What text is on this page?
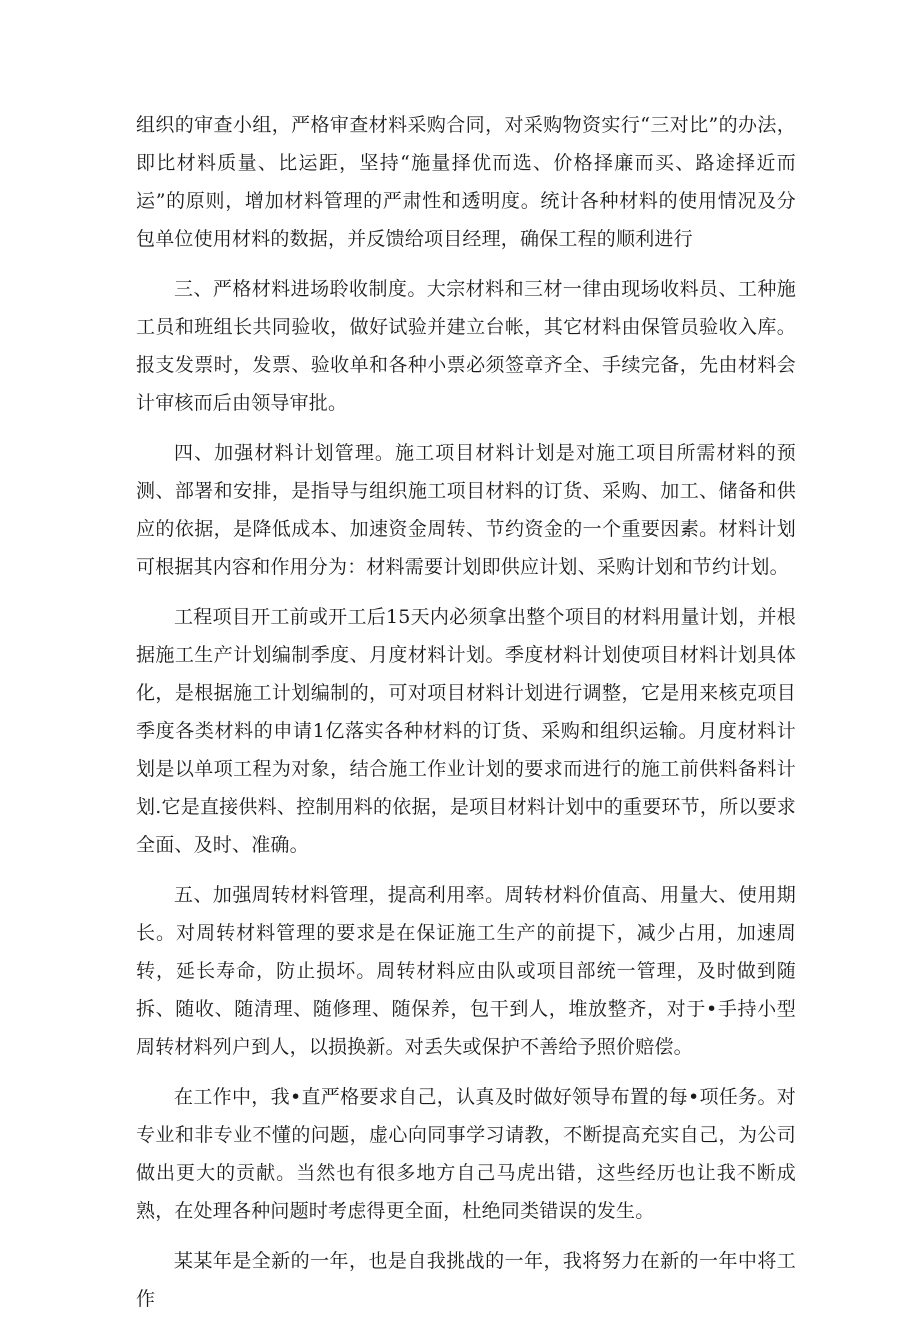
组织的审查小组，严格审查材料采购合同，对采购物资实行“三对比”的办法，即比材料质量、比运距，坚持“施量择优而选、价格择廉而买、路途择近而运”的原则，增加材料管理的严肃性和透明度。统计各种材料的使用情况及分包单位使用材料的数据，并反馈给项目经理，确保工程的顺利进行

三、严格材料进场聆收制度。大宗材料和三材一律由现场收料员、工种施工员和班组长共同验收，做好试验并建立台帐，其它材料由保管员验收入库。报支发票时，发票、验收单和各种小票必须签章齐全、手续完备，先由材料会计审核而后由领导审批。

四、加强材料计划管理。施工项目材料计划是对施工项目所需材料的预测、部署和安排，是指导与组织施工项目材料的订货、采购、加工、储备和供应的依据，是降低成本、加速资金周转、节约资金的一个重要因素。材料计划可根据其内容和作用分为：材料需要计划即供应计划、采购计划和节约计划。

工程项目开工前或开工后15天内必须拿出整个项目的材料用量计划，并根据施工生产计划编制季度、月度材料计划。季度材料计划使项目材料计划具体化，是根据施工计划编制的，可对项目材料计划进行调整，它是用来核克项目季度各类材料的申请1亿落实各种材料的订货、采购和组织运输。月度材料计划是以单项工程为对象，结合施工作业计划的要求而进行的施工前供料备料计划.它是直接供料、控制用料的依据，是项目材料计划中的重要环节，所以要求全面、及时、准确。

五、加强周转材料管理，提高利用率。周转材料价值高、用量大、使用期长。对周转材料管理的要求是在保证施工生产的前提下，减少占用，加速周转，延长寿命，防止损坏。周转材料应由队或项目部统一管理，及时做到随拆、随收、随清理、随修理、随保养，包干到人，堆放整齐，对于•手持小型周转材料列户到人，以损换新。对丢失或保护不善给予照价赔偿。

在工作中，我•直严格要求自己，认真及时做好领导布置的每•项任务。对专业和非专业不懂的问题，虚心向同事学习请教，不断提高充实自己，为公司做出更大的贡献。当然也有很多地方自己马虎出错，这些经历也让我不断成熟，在处理各种问题时考虑得更全面，杜绝同类错误的发生。

某某年是全新的一年，也是自我挑战的一年，我将努力在新的一年中将工作
